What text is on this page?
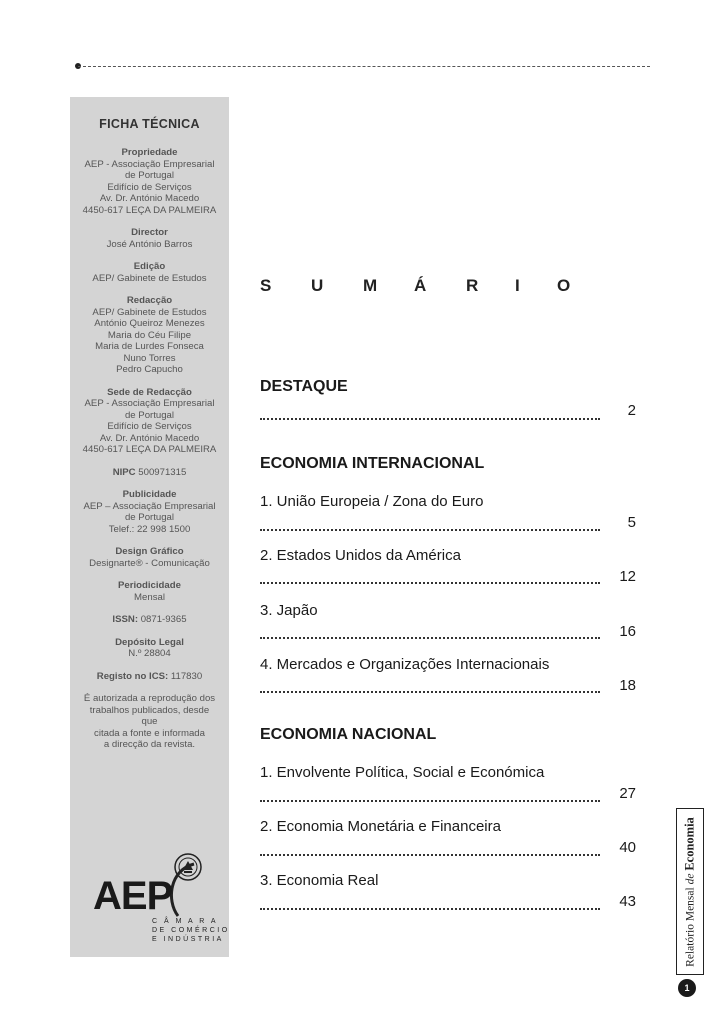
FICHA TÉCNICA
Propriedade
AEP - Associação Empresarial
de Portugal
Edifício de Serviços
Av. Dr. António Macedo
4450-617 LEÇA DA PALMEIRA
Director
José António Barros
Edição
AEP/ Gabinete de Estudos
Redacção
AEP/ Gabinete de Estudos
António Queiroz Menezes
Maria do Céu Filipe
Maria de Lurdes Fonseca
Nuno Torres
Pedro Capucho
Sede de Redacção
AEP - Associação Empresarial
de Portugal
Edifício de Serviços
Av. Dr. António Macedo
4450-617 LEÇA DA PALMEIRA
NIPC 500971315
Publicidade
AEP – Associação Empresarial
de Portugal
Telef.: 22 998 1500
Design Gráfico
Designarte® - Comunicação
Periodicidade
Mensal
ISSN: 0871-9365
Depósito Legal
N.º 28804
Registo no ICS: 117830
É autorizada a reprodução dos
trabalhos publicados, desde
que
citada a fonte e informada
a direcção da revista.
AEP
C Â M A R A
DE COMÉRCIO
E INDÚSTRIA
S U M Á R I O
DESTAQUE
2
ECONOMIA INTERNACIONAL
1. União Europeia / Zona do Euro
5
2. Estados Unidos da América
12
3. Japão
16
4. Mercados e Organizações Internacionais
18
ECONOMIA NACIONAL
1. Envolvente Política, Social e Económica
27
2. Economia Monetária e Financeira
40
3. Economia Real
43	Relatório Mensal de Economia
1
